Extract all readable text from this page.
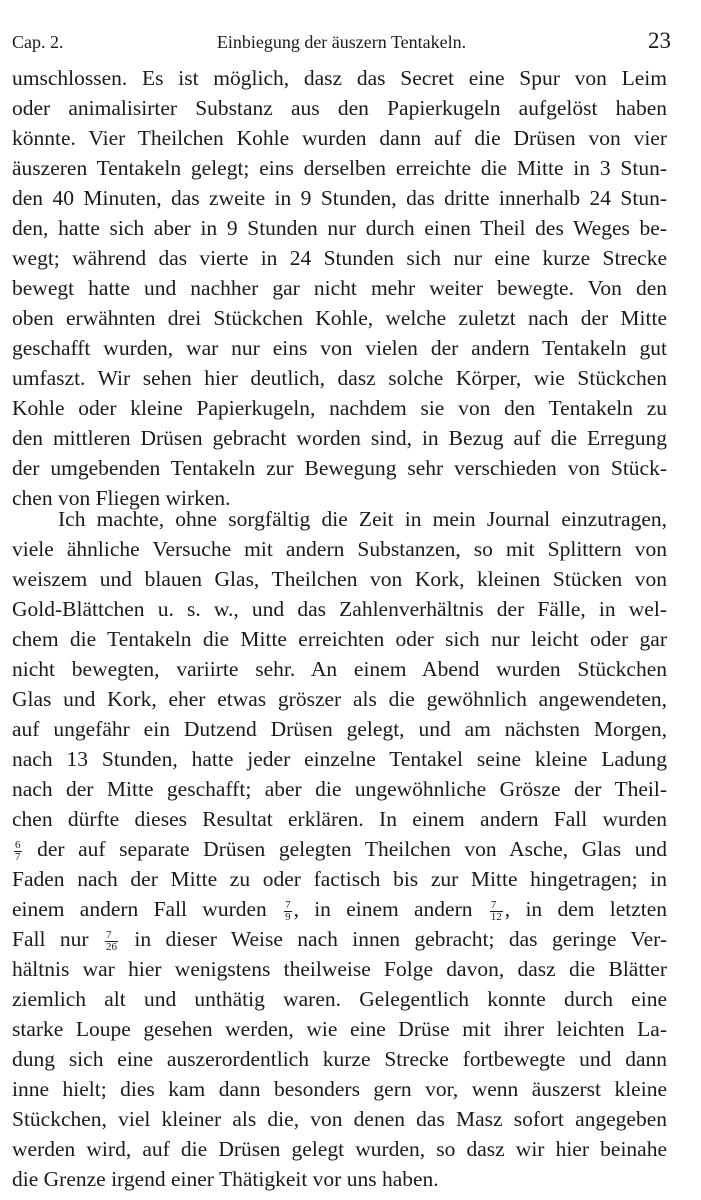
Cap. 2.	Einbiegung der äuszern Tentakeln.	23
umschlossen. Es ist möglich, dasz das Secret eine Spur von Leim
oder animalisirter Substanz aus den Papierkugeln aufgelöst haben
könnte. Vier Theilchen Kohle wurden dann auf die Drüsen von vier
äuszeren Tentakeln gelegt; eins derselben erreichte die Mitte in 3 Stun-
den 40 Minuten, das zweite in 9 Stunden, das dritte innerhalb 24 Stun-
den, hatte sich aber in 9 Stunden nur durch einen Theil des Weges be-
wegt; während das vierte in 24 Stunden sich nur eine kurze Strecke
bewegt hatte und nachher gar nicht mehr weiter bewegte. Von den
oben erwähnten drei Stückchen Kohle, welche zuletzt nach der Mitte
geschafft wurden, war nur eins von vielen der andern Tentakeln gut
umfaszt. Wir sehen hier deutlich, dasz solche Körper, wie Stückchen
Kohle oder kleine Papierkugeln, nachdem sie von den Tentakeln zu
den mittleren Drüsen gebracht worden sind, in Bezug auf die Erregung
der umgebenden Tentakeln zur Bewegung sehr verschieden von Stück-
chen von Fliegen wirken.
Ich machte, ohne sorgfältig die Zeit in mein Journal einzutragen,
viele ähnliche Versuche mit andern Substanzen, so mit Splittern von
weiszem und blauen Glas, Theilchen von Kork, kleinen Stücken von
Gold-Blättchen u. s. w., und das Zahlenverhältnis der Fälle, in wel-
chem die Tentakeln die Mitte erreichten oder sich nur leicht oder gar
nicht bewegten, variirte sehr. An einem Abend wurden Stückchen
Glas und Kork, eher etwas gröszer als die gewöhnlich angewendeten,
auf ungefähr ein Dutzend Drüsen gelegt, und am nächsten Morgen,
nach 13 Stunden, hatte jeder einzelne Tentakel seine kleine Ladung
nach der Mitte geschafft; aber die ungewöhnliche Grösze der Theil-
chen dürfte dieses Resultat erklären. In einem andern Fall wurden
$\frac{6}{7}$ der auf separate Drüsen gelegten Theilchen von Asche, Glas und
Faden nach der Mitte zu oder factisch bis zur Mitte hingetragen; in
einem andern Fall wurden $\frac{7}{9}$ , in einem andern $\frac{7}{12}$ , in dem letzten
Fall nur $\frac{7}{26}$ in dieser Weise nach innen gebracht; das geringe Ver-
hältnis war hier wenigstens theilweise Folge davon, dasz die Blätter
ziemlich alt und unthätig waren. Gelegentlich konnte durch eine
starke Loupe gesehen werden, wie eine Drüse mit ihrer leichten La-
dung sich eine auszerordentlich kurze Strecke fortbewegte und dann
inne hielt; dies kam dann besonders gern vor, wenn äuszerst kleine
Stückchen, viel kleiner als die, von denen das Masz sofort angegeben
werden wird, auf die Drüsen gelegt wurden, so dasz wir hier beinahe
die Grenze irgend einer Thätigkeit vor uns haben.
